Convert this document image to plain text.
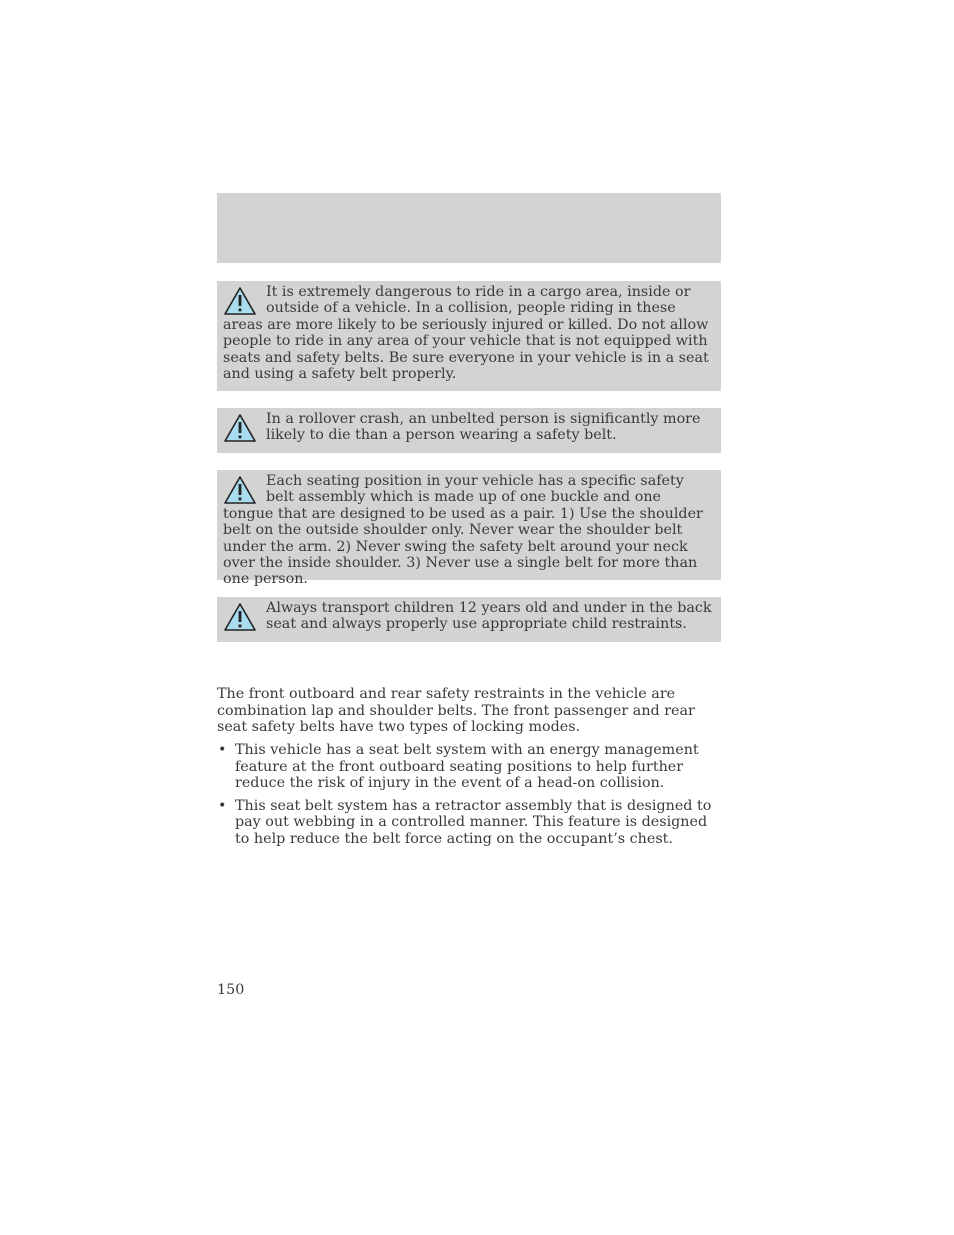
It is extremely dangerous to ride in a cargo area, inside or outside of a vehicle. In a collision, people riding in these areas are more likely to be seriously injured or killed. Do not allow people to ride in any area of your vehicle that is not equipped with seats and safety belts. Be sure everyone in your vehicle is in a seat and using a safety belt properly.
In a rollover crash, an unbelted person is significantly more likely to die than a person wearing a safety belt.
Each seating position in your vehicle has a specific safety belt assembly which is made up of one buckle and one tongue that are designed to be used as a pair. 1) Use the shoulder belt on the outside shoulder only. Never wear the shoulder belt under the arm. 2) Never swing the safety belt around your neck over the inside shoulder. 3) Never use a single belt for more than one person.
Always transport children 12 years old and under in the back seat and always properly use appropriate child restraints.
The front outboard and rear safety restraints in the vehicle are combination lap and shoulder belts. The front passenger and rear seat safety belts have two types of locking modes.
• This vehicle has a seat belt system with an energy management feature at the front outboard seating positions to help further reduce the risk of injury in the event of a head-on collision.
• This seat belt system has a retractor assembly that is designed to pay out webbing in a controlled manner. This feature is designed to help reduce the belt force acting on the occupant’s chest.
150
